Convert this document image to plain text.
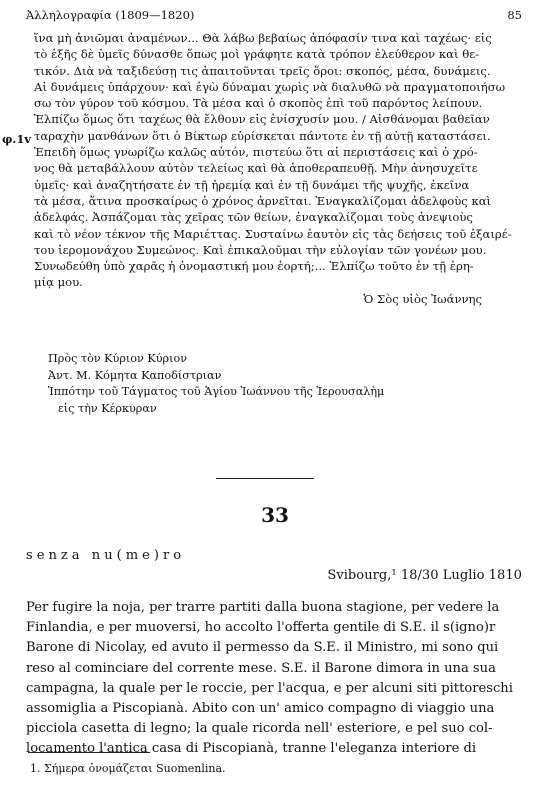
Ἀλληλογραφία (1809—1820)	85
φ.1v
ἵνα μὴ ἀνιῶμαι ἀναμένων... Θὰ λάβω βεβαίως ἀπόφασίν τινα καὶ ταχέως· εἰς
τὸ ἑξῆς δὲ ὑμεῖς δύνασθε ὅπως μοὶ γράφητε κατὰ τρόπον ἐλεύθερον καὶ θε-
τικόν. Διὰ νὰ ταξιδεύσῃ τις ἀπαιτοῦνται τρεῖς ὅροι: σκοπός, μέσα, δυνάμεις.
Αἱ δυνάμεις ὑπάρχουν· καὶ ἐγὼ δύναμαι χωρὶς νὰ διαλυθῶ νὰ πραγματοποιήσω
σω τὸν γύρον τοῦ κόσμου. Τὰ μέσα καὶ ὁ σκοπὸς ἐπὶ τοῦ παρόντος λείπουν.
Ἐλπίζω ὅμως ὅτι ταχέως θὰ ἔλθουν εἰς ἐνίσχυσίν μου. / Αἰσθάνομαι βαθεῖαν
ταραχὴν μανθάνων ὅτι ὁ Βίκτωρ εὑρίσκεται πάντοτε ἐν τῇ αὐτῇ καταστάσει.
Ἐπειδὴ ὅμως γνωρίζω καλῶς αὐτόν, πιστεύω ὅτι αἱ περιστάσεις καὶ ὁ χρό-
νος θὰ μεταβάλλουν αὐτὸν τελείως καὶ θὰ ἀποθεραπευθῇ. Μὴν ἀνησυχεῖτε
ὑμεῖς· καὶ ἀναζητήσατε ἐν τῇ ἠρεμίᾳ καὶ ἐν τῇ δυνάμει τῆς ψυχῆς, ἐκεῖνα
τὰ μέσα, ἅτινα προσκαίρως ὁ χρόνος ἀρνεῖται. Ἐναγκαλίζομαι ἀδελφοὺς καὶ
ἀδελφάς. Ἀσπάζομαι τὰς χεῖρας τῶν θείων, ἐναγκαλίζομαι τοὺς ἀνεψιοὺς
καὶ τὸ νέον τέκνον τῆς Μαριέττας. Συσταίνω ἑαυτὸν εἰς τὰς δεήσεις τοῦ ἐξαιρέ-
του ἱερομονάχου Συμεώνος. Καὶ ἐπικαλοῦμαι τὴν εὐλογίαν τῶν γονέων μου.
Συνωδεύθη ὑπὸ χαρᾶς ἡ ὀνομαστική μου ἑορτή;... Ἐλπίζω τοῦτο ἐν τῇ ἐρη-
μίᾳ μου.
Ὁ Σὸς υἱὸς Ἰωάννης
Πρὸς τὸν Κύριον Κύριον
Ἀντ. Μ. Κόμητα Καποδίστριαν
Ἱππότην τοῦ Τάγματος τοῦ Ἁγίου Ἰωάννου τῆς Ἱερουσαλὴμ
εἰς τὴν Κέρκυραν
33
senza nu(me)ro
Svibourg,¹ 18/30 Luglio 1810
Per fugire la noja, per trarre partiti dalla buona stagione, per vedere la
Finlandia, e per muoversi, ho accolto l'offerta gentile di S.E. il s(igno)r
Barone di Nicolay, ed avuto il permesso da S.E. il Ministro, mi sono qui
reso al cominciare del corrente mese. S.E. il Barone dimora in una sua
campagna, la quale per le roccie, per l'acqua, e per alcuni siti pittoreschi
assomiglia a Piscopianà. Abito con un' amico compagno di viaggio una
picciola casetta di legno; la quale ricorda nell' esteriore, e pel suo col-
locamento l'antica casa di Piscopianà, tranne l'eleganza interiore di
1. Σήμερα ὀνομάζεται Suomenlina.
